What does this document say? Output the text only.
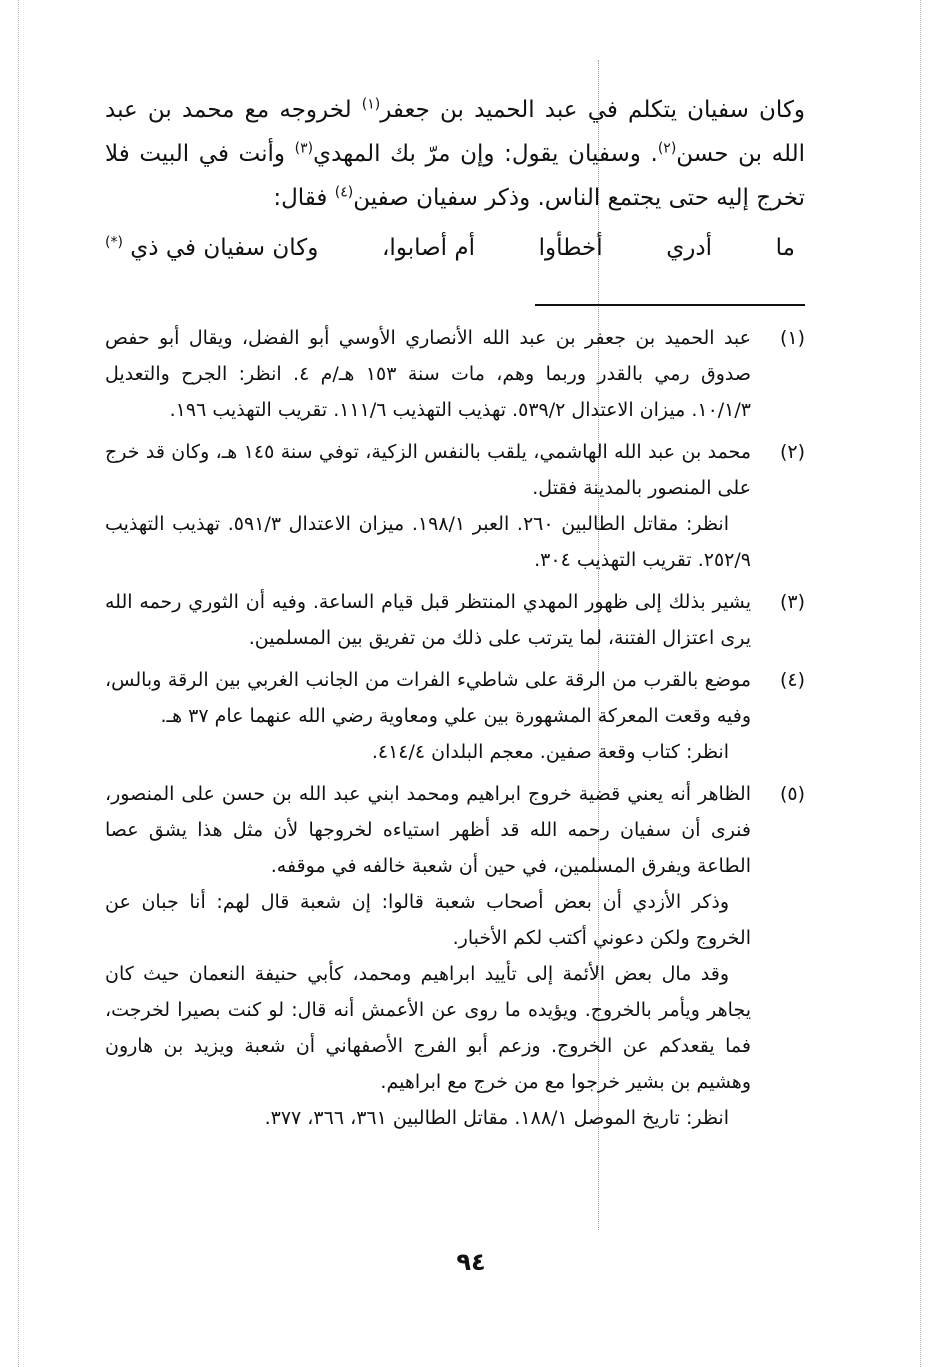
وكان سفيان يتكلم في عبد الحميد بن جعفر$^{(١)}$ لخروجه مع محمد بن عبد الله بن حسن$^{(٢)}$. وسفيان يقول: وإن مرّ بك المهدي$^{(٣)}$ وأنت في البيت فلا تخرج إليه حتى يجتمع الناس. وذكر سفيان صفين$^{(٤)}$ فقال:

ما
أدري
أخطأوا
أم أصابوا،
وكان سفيان في ذي (*)
(١)

عبد الحميد بن جعفر بن عبد الله الأنصاري الأوسي أبو الفضل، ويقال أبو حفص صدوق رمي بالقدر وربما وهم، مات سنة ١٥٣ هـ/م ٤. انظر: الجرح والتعديل ١٠/١/٣. ميزان الاعتدال ٥٣٩/٢. تهذيب التهذيب ١١١/٦. تقريب التهذيب ١٩٦.

(٢)

محمد بن عبد الله الهاشمي، يلقب بالنفس الزكية، توفي سنة ١٤٥ هـ، وكان قد خرج على المنصور بالمدينة فقتل.

انظر: مقاتل الطالبين ٢٦٠. العبر ١٩٨/١. ميزان الاعتدال ٥٩١/٣. تهذيب التهذيب ٢٥٢/٩. تقريب التهذيب ٣٠٤.

(٣)

يشير بذلك إلى ظهور المهدي المنتظر قبل قيام الساعة. وفيه أن الثوري رحمه الله يرى اعتزال الفتنة، لما يترتب على ذلك من تفريق بين المسلمين.

(٤)

موضع بالقرب من الرقة على شاطيء الفرات من الجانب الغربي بين الرقة وبالس، وفيه وقعت المعركة المشهورة بين علي ومعاوية رضي الله عنهما عام ٣٧ هـ.

انظر: كتاب وقعة صفين. معجم البلدان ٤١٤/٤.

(٥)

الظاهر أنه يعني قضية خروج ابراهيم ومحمد ابني عبد الله بن حسن على المنصور، فنرى أن سفيان رحمه الله قد أظهر استياءه لخروجها لأن مثل هذا يشق عصا الطاعة ويفرق المسلمين، في حين أن شعبة خالفه في موقفه.

وذكر الأزدي أن بعض أصحاب شعبة قالوا: إن شعبة قال لهم: أنا جبان عن الخروج ولكن دعوني أكتب لكم الأخبار.

وقد مال بعض الأئمة إلى تأييد ابراهيم ومحمد، كأبي حنيفة النعمان حيث كان يجاهر ويأمر بالخروج. ويؤيده ما روى عن الأعمش أنه قال: لو كنت بصيرا لخرجت، فما يقعدكم عن الخروج. وزعم أبو الفرج الأصفهاني أن شعبة ويزيد بن هارون وهشيم بن بشير خرجوا مع من خرج مع ابراهيم.

انظر: تاريخ الموصل ١٨٨/١. مقاتل الطالبين ٣٦١، ٣٦٦، ٣٧٧.

٩٤
